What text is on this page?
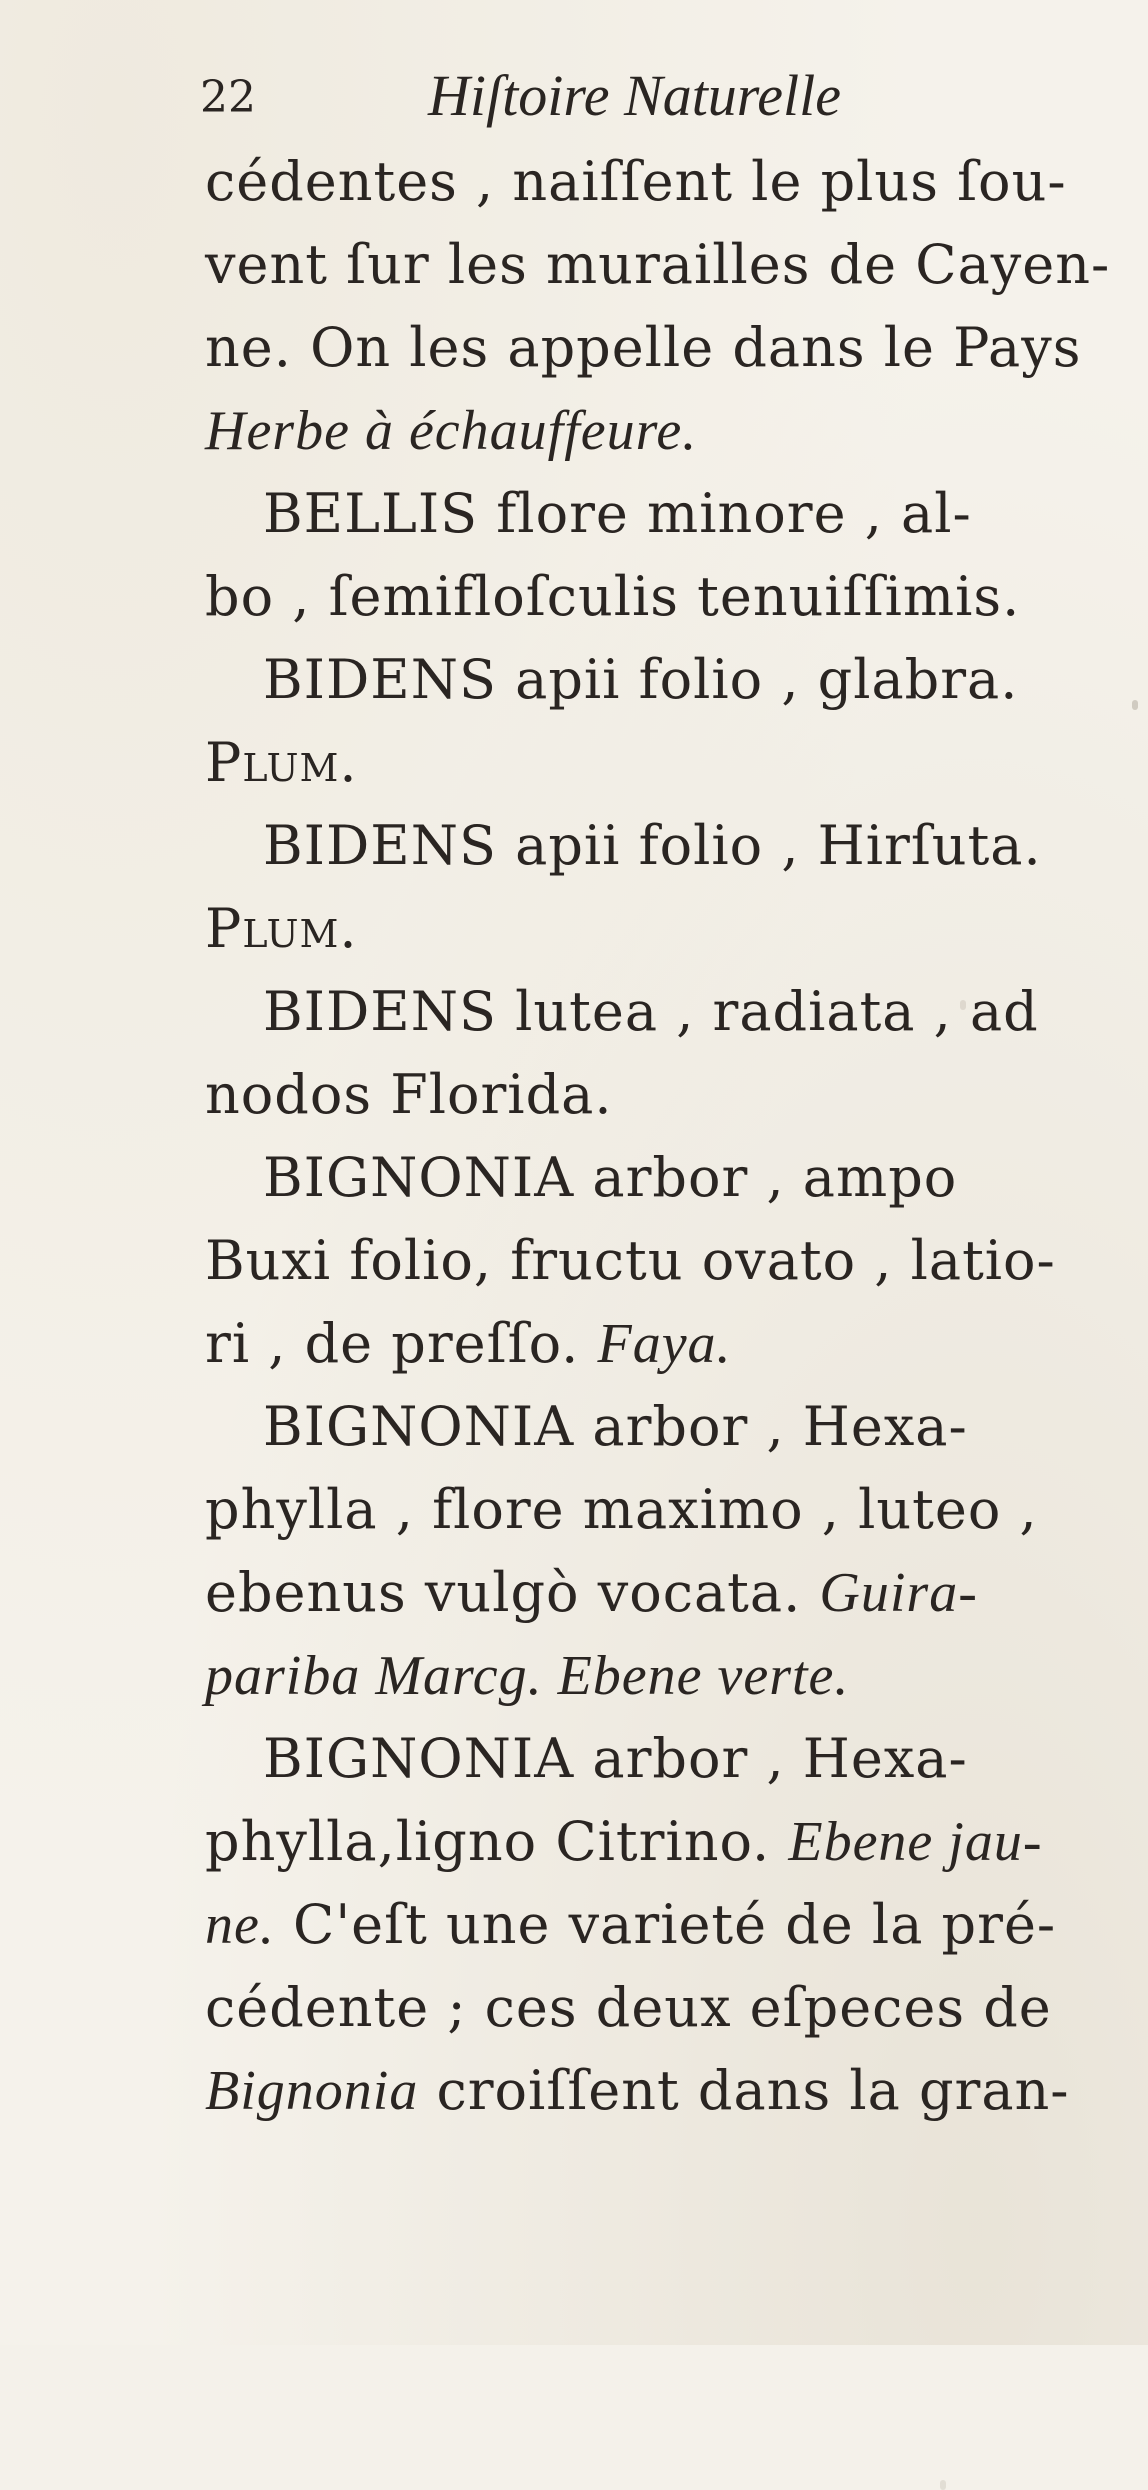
22	Hiſtoire Naturelle
cédentes , naiſſent le plus ſou-
vent ſur les murailles de Cayen-
ne. On les appelle dans le Pays
Herbe à échauffeure.
BELLIS flore minore , al-
bo , ſemifloſculis tenuiſſimis.
BIDENS apii folio , glabra.
Plum.
BIDENS apii folio , Hirſuta.
Plum.
BIDENS lutea , radiata , ad
nodos Florida.
BIGNONIA arbor , ampo
Buxi folio, fructu ovato , latio-
ri , de preſſo. Faya.
BIGNONIA arbor , Hexa-
phylla , flore maximo , luteo ,
ebenus vulgò vocata. Guira-
pariba Marcg. Ebene verte.
BIGNONIA arbor , Hexa-
phylla,ligno Citrino. Ebene jau-
ne. C'eſt une varieté de la pré-
cédente ; ces deux eſpeces de
Bignonia croiſſent dans la gran-
